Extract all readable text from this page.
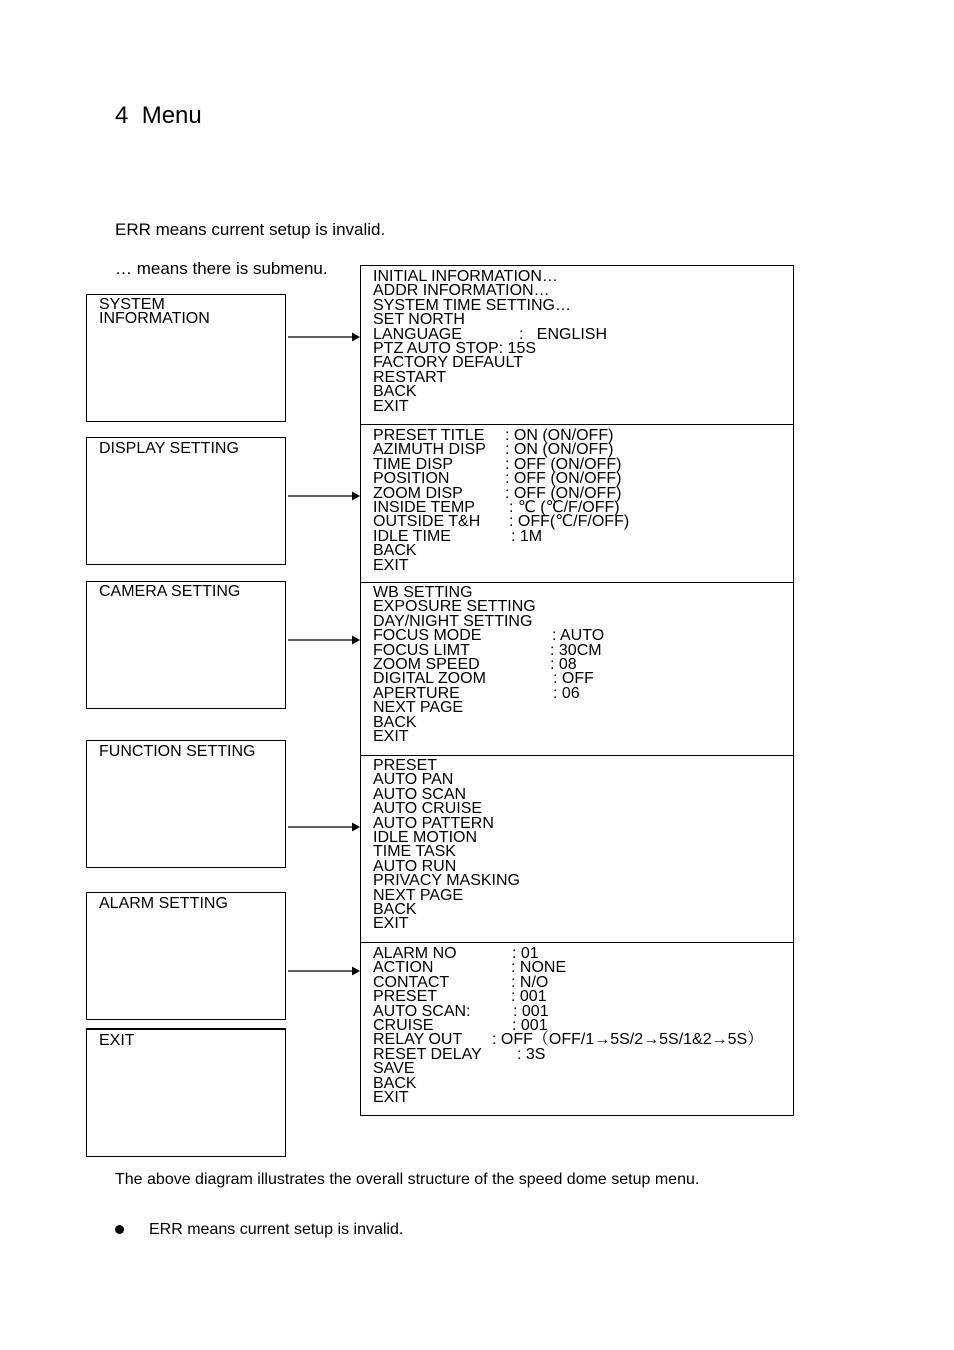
4 Menu

ERR means current setup is invalid.

… means there is submenu.

SYSTEM
INFORMATION
DISPLAY SETTING
CAMERA SETTING
FUNCTION SETTING
ALARM SETTING
EXIT
INITIAL INFORMATION…
ADDR INFORMATION…
SYSTEM TIME SETTING…
SET NORTH
LANGUAGE	:   ENGLISH
PTZ AUTO STOP: 15S
FACTORY DEFAULT
RESTART
BACK
EXIT
PRESET TITLE : ON (ON/OFF)
AZIMUTH DISP : ON (ON/OFF)
TIME DISP	: OFF (ON/OFF)
POSITION	: OFF (ON/OFF)
ZOOM DISP	: OFF (ON/OFF)
INSIDE TEMP : ℃ (℃/F/OFF)
OUTSIDE T&H : OFF(℃/F/OFF)
IDLE TIME	: 1M
BACK
EXIT
WB SETTING
EXPOSURE SETTING
DAY/NIGHT SETTING
FOCUS MODE	: AUTO
FOCUS LIMT	: 30CM
ZOOM SPEED	: 08
DIGITAL ZOOM	: OFF
APERTURE	: 06
NEXT PAGE
BACK
EXIT
PRESET
AUTO PAN
AUTO SCAN
AUTO CRUISE
AUTO PATTERN
IDLE MOTION
TIME TASK
AUTO RUN
PRIVACY MASKING
NEXT PAGE
BACK
EXIT
ALARM NO	: 01
ACTION	: NONE
CONTACT	: N/O
PRESET	: 001
AUTO SCAN:	: 001
CRUISE	: 001
RELAY OUT : OFF（OFF/1→5S/2→5S/1&2→5S）
RESET DELAY : 3S
SAVE
BACK
EXIT

The above diagram illustrates the overall structure of the speed dome setup menu.

ERR means current setup is invalid.
